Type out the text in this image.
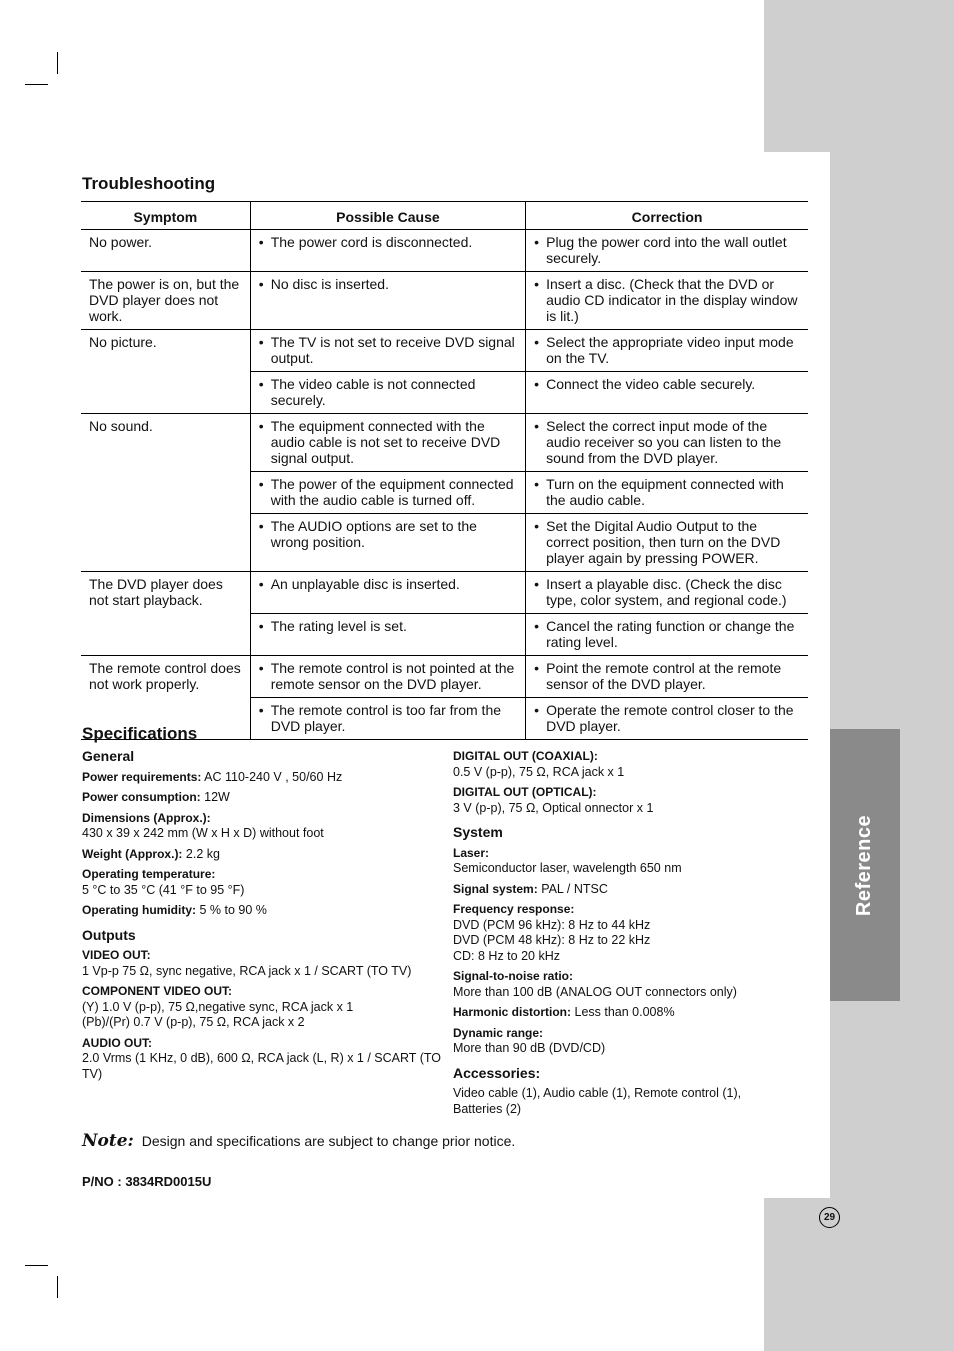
Reference
Troubleshooting
Symptom	Possible Cause	Correction
No power.	• The power cord is disconnected.	• Plug the power cord into the wall outlet securely.

The power is on, but the DVD player does not work.	• No disc is inserted.	• Insert a disc. (Check that the DVD or audio CD indicator in the display window is lit.)

No picture.	• The TV is not set to receive DVD signal output.	• Select the appropriate video input mode on the TV.

	• The video cable is not connected securely.	• Connect the video cable securely.

No sound.	• The equipment connected with the audio cable is not set to receive DVD signal output.	• Select the correct input mode of the audio receiver so you can listen to the sound from the DVD player.

	• The power of the equipment connected with the audio cable is turned off.	• Turn on the equipment connected with the audio cable.

	• The AUDIO options are set to the wrong position.	• Set the Digital Audio Output to the correct position, then turn on the DVD player again by pressing POWER.

The DVD player does not start playback.	• An unplayable disc is inserted.	• Insert a playable disc. (Check the disc type, color system, and regional code.)

	• The rating level is set.	• Cancel the rating function or change the rating level.

The remote control does not work properly.	• The remote control is not pointed at the remote sensor on the DVD player.	• Point the remote control at the remote sensor of the DVD player.

	• The remote control is too far from the DVD player.	• Operate the remote control closer to the DVD player.
Specifications
General
Power requirements: AC 110-240 V , 50/60 Hz
Power consumption: 12W
Dimensions (Approx.):
430 x 39 x 242 mm (W x H x D) without foot
Weight (Approx.): 2.2 kg
Operating temperature:
5 °C to 35 °C (41 °F to 95 °F)
Operating humidity: 5 % to 90 %
Outputs
VIDEO OUT:
1 Vp-p 75 Ω, sync negative, RCA jack x 1 / SCART (TO TV)
COMPONENT VIDEO OUT:
(Y) 1.0 V (p-p), 75 Ω,negative sync, RCA jack x 1
(Pb)/(Pr) 0.7 V (p-p), 75 Ω, RCA jack x 2
AUDIO OUT:
2.0 Vrms (1 KHz, 0 dB), 600 Ω, RCA jack (L, R) x 1 / SCART (TO TV)
DIGITAL OUT (COAXIAL):
0.5 V (p-p), 75 Ω, RCA jack x 1
DIGITAL OUT (OPTICAL):
3 V (p-p), 75 Ω, Optical onnector x 1
System
Laser:
Semiconductor laser, wavelength 650 nm
Signal system: PAL / NTSC
Frequency response:
DVD (PCM 96 kHz): 8 Hz to 44 kHz
DVD (PCM 48 kHz): 8 Hz to 22 kHz
CD: 8 Hz to 20 kHz
Signal-to-noise ratio:
More than 100 dB (ANALOG OUT connectors only)
Harmonic distortion: Less than 0.008%
Dynamic range:
More than 90 dB (DVD/CD)
Accessories:
Video cable (1), Audio cable (1), Remote control (1), Batteries (2)
Note: Design and specifications are subject to change prior notice.
P/NO : 3834RD0015U
29
